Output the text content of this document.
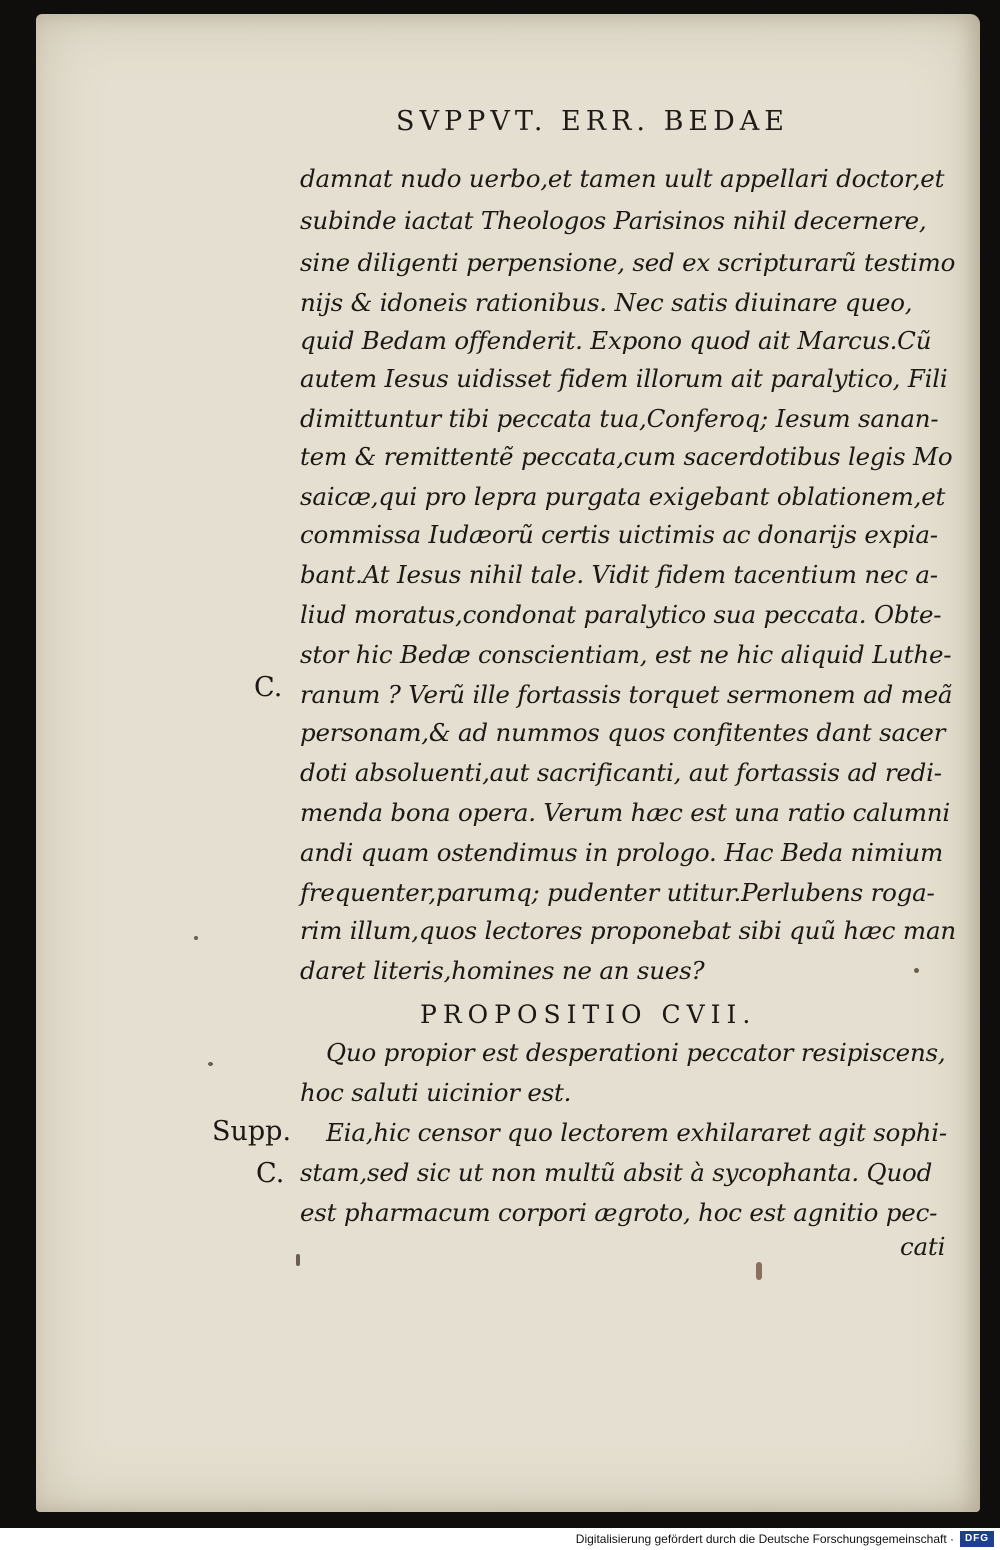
SVPPVT. ERR. BEDAE
damnat nudo uerbo,et tamen uult appellari doctor,et
subinde iactat Theologos Parisinos nihil decernere,
sine diligenti perpensione, sed ex scripturarũ testimo
nijs & idoneis rationibus. Nec satis diuinare queo,
quid Bedam offenderit. Expono quod ait Marcus.Cũ
autem Iesus uidisset fidem illorum ait paralytico, Fili
dimittuntur tibi peccata tua,Conferoq; Iesum sanan-
tem & remittentẽ peccata,cum sacerdotibus legis Mo
saicæ,qui pro lepra purgata exigebant oblationem,et
commissa Iudæorũ certis uictimis ac donarijs expia-
bant.At Iesus nihil tale. Vidit fidem tacentium nec a-
liud moratus,condonat paralytico sua peccata. Obte-
stor hic Bedæ conscientiam, est ne hic aliquid Luthe-
ranum ? Verũ ille fortassis torquet sermonem ad meã
personam,& ad nummos quos confitentes dant sacer
doti absoluenti,aut sacrificanti, aut fortassis ad redi-
menda bona opera. Verum hæc est una ratio calumni
andi quam ostendimus in prologo. Hac Beda nimium
frequenter,parumq; pudenter utitur.Perlubens roga-
rim illum,quos lectores proponebat sibi quũ hæc man
daret literis,homines ne an sues?
PROPOSITIO CVII.
Quo propior est desperationi peccator resipiscens,
hoc saluti uicinior est.
Eia,hic censor quo lectorem exhilararet agit sophi-
stam,sed sic ut non multũ absit à sycophanta. Quod
est pharmacum corpori ægroto, hoc est agnitio pec-
cati
C.
Supp.
C.
Digitalisierung gefördert durch die Deutsche Forschungsgemeinschaft ·	DFG
